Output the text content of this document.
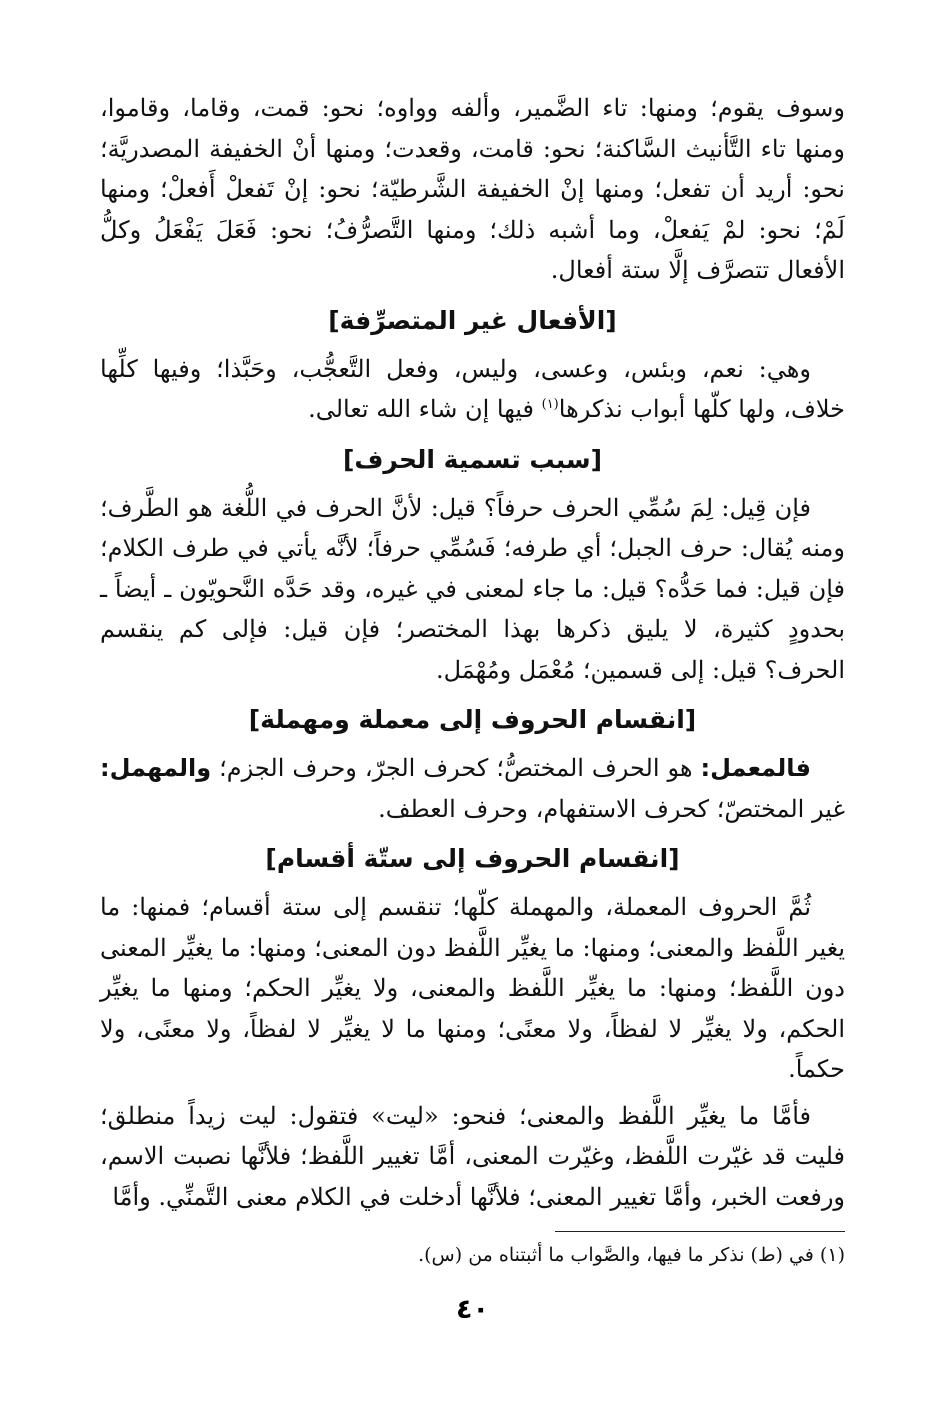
وسوف يقوم؛ ومنها: تاء الضَّمير، وألفه وواوه؛ نحو: قمت، وقاما، وقاموا، ومنها تاء التَّأنيث السَّاكنة؛ نحو: قامت، وقعدت؛ ومنها أنْ الخفيفة المصدريَّة؛ نحو: أريد أن تفعل؛ ومنها إنْ الخفيفة الشَّرطيّة؛ نحو: إنْ تَفعلْ أَفعلْ؛ ومنها لَمْ؛ نحو: لمْ يَفعلْ، وما أشبه ذلك؛ ومنها التَّصرُّفُ؛ نحو: فَعَلَ يَفْعَلُ وكلُّ الأفعال تتصرَّف إلَّا ستة أفعال.

[الأفعال غير المتصرِّفة]

وهي: نعم، وبئس، وعسى، وليس، وفعل التَّعجُّب، وحَبَّذا؛ وفيها كلِّها خلاف، ولها كلّها أبواب نذكرها$^{(١)}$ فيها إن شاء الله تعالى.

[سبب تسمية الحرف]

فإن قِيل: لِمَ سُمِّي الحرف حرفاً؟ قيل: لأنَّ الحرف في اللُّغة هو الطَّرف؛ ومنه يُقال: حرف الجبل؛ أي طرفه؛ فَسُمِّي حرفاً؛ لأنَّه يأتي في طرف الكلام؛ فإن قيل: فما حَدُّه؟ قيل: ما جاء لمعنى في غيره، وقد حَدَّه النَّحويّون ـ أيضاً ـ بحدودٍ كثيرة، لا يليق ذكرها بهذا المختصر؛ فإن قيل: فإلى كم ينقسم الحرف؟ قيل: إلى قسمين؛ مُعْمَل ومُهْمَل.

[انقسام الحروف إلى معملة ومهملة]

فالمعمل: هو الحرف المختصُّ؛ كحرف الجرّ، وحرف الجزم؛ والمهمل: غير المختصّ؛ كحرف الاستفهام، وحرف العطف.

[انقسام الحروف إلى ستّة أقسام]

ثُمَّ الحروف المعملة، والمهملة كلّها؛ تنقسم إلى ستة أقسام؛ فمنها: ما يغير اللَّفظ والمعنى؛ ومنها: ما يغيِّر اللَّفظ دون المعنى؛ ومنها: ما يغيِّر المعنى دون اللَّفظ؛ ومنها: ما يغيِّر اللَّفظ والمعنى، ولا يغيِّر الحكم؛ ومنها ما يغيِّر الحكم، ولا يغيِّر لا لفظاً، ولا معنًى؛ ومنها ما لا يغيِّر لا لفظاً، ولا معنًى، ولا حكماً.

فأمَّا ما يغيِّر اللَّفظ والمعنى؛ فنحو: «ليت» فتقول: ليت زيداً منطلق؛ فليت قد غيّرت اللَّفظ، وغيّرت المعنى، أمَّا تغيير اللَّفظ؛ فلأنَّها نصبت الاسم، ورفعت الخبر، وأمَّا تغيير المعنى؛ فلأنَّها أدخلت في الكلام معنى التَّمنِّي. وأمَّا

(١) في (ط) نذكر ما فيها، والصَّواب ما أثبتناه من (س).

٤٠
